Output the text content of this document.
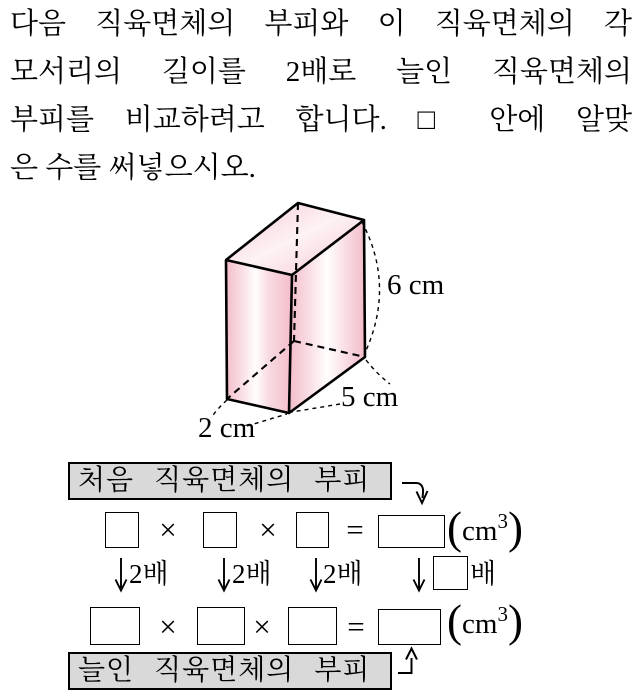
다음 직육면체의 부피와 이 직육면체의 각
모서리의 길이를 2배로 늘인 직육면체의
부피를 비교하려고 합니다. □ 안에 알맞
은 수를 써넣으시오.
6 cm
5 cm
2 cm
처음 직육면체의 부피
×	× = ( cm 3 )
2배 2배 2배	배
× × = ( cm 3 )
늘인 직육면체의 부피
